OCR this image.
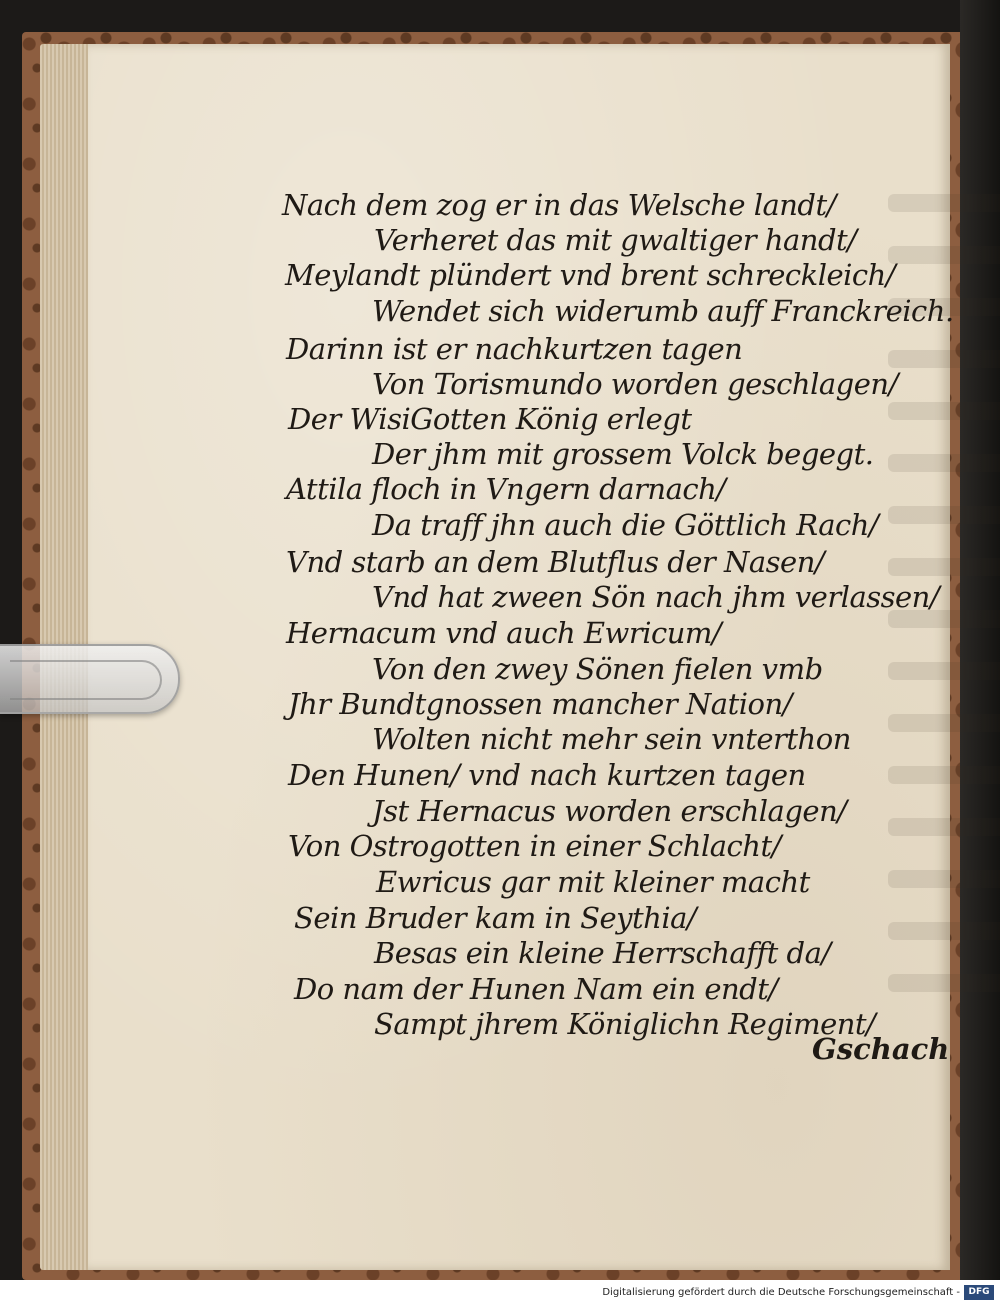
Nach dem zog er in das Welsche landt/
Verheret das mit gwaltiger handt/
Meylandt plündert vnd brent schreckleich/
Wendet sich widerumb auff Franckreich.
Darinn ist er nachkurtzen tagen
Von Torismundo worden geschlagen/
Der WisiGotten König erlegt
Der jhm mit grossem Volck begegt.
Attila floch in Vngern darnach/
Da traff jhn auch die Göttlich Rach/
Vnd starb an dem Blutflus der Nasen/
Vnd hat zween Sön nach jhm verlassen/
Hernacum vnd auch Ewricum/
Von den zwey Sönen fielen vmb
Jhr Bundtgnossen mancher Nation/
Wolten nicht mehr sein vnterthon
Den Hunen/ vnd nach kurtzen tagen
Jst Hernacus worden erschlagen/
Von Ostrogotten in einer Schlacht/
Ewricus gar mit kleiner macht
Sein Bruder kam in Seythia/
Besas ein kleine Herrschafft da/
Do nam der Hunen Nam ein endt/
Sampt jhrem Königlichn Regiment/
Gschach
Digitalisierung gefördert durch die Deutsche Forschungsgemeinschaft - DFG
